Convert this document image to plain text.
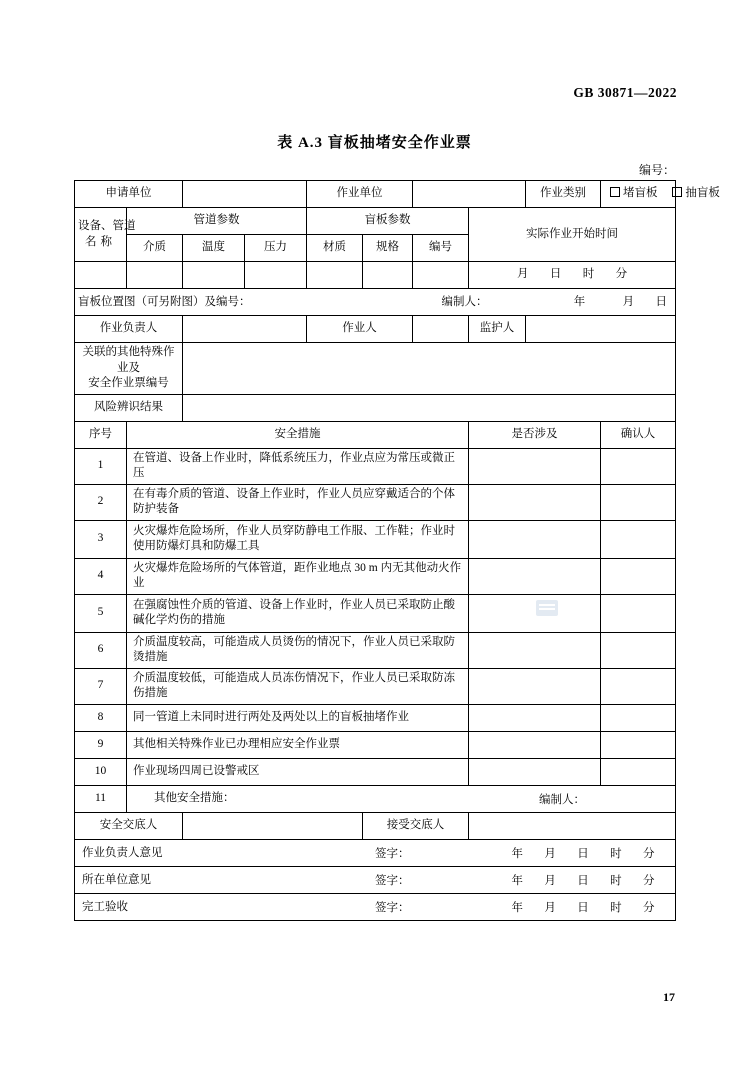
GB 30871—2022
表 A.3 盲板抽堵安全作业票
编号：
申请单位				作业单位				作业类别	堵盲板 抽盲板

设备、管道
名称	管道参数			盲板参数			实际作业开始时间		
	介质	温度	压力	材质	规格	编号			
							月 日 时 分		

盲板位置图（可另附图）及编号： 编制人： 年 月 日									

作业负责人				作业人			监护人		

关联的其他特殊作业及
安全作业票编号									

风险辨识结果									
序号	安全措施						是否涉及		确认人
1	在管道、设备上作业时，降低系统压力，作业点应为常压或微正压								
2	在有毒介质的管道、设备上作业时，作业人员应穿戴适合的个体防护装备								
3	火灾爆炸危险场所，作业人员穿防静电工作服、工作鞋；作业时使用防爆灯具和防爆工具								
4	火灾爆炸危险场所的气体管道，距作业地点 30 m 内无其他动火作业								
5	在强腐蚀性介质的管道、设备上作业时，作业人员已采取防止酸碱化学灼伤的措施								
6	介质温度较高，可能造成人员烫伤的情况下，作业人员已采取防烫措施								
7	介质温度较低，可能造成人员冻伤情况下，作业人员已采取防冻伤措施								
8	同一管道上未同时进行两处及两处以上的盲板抽堵作业								
9	其他相关特殊作业已办理相应安全作业票								
10	作业现场四周已设警戒区								
11	其他安全措施： 编制人：								

安全交底人					接受交底人				

作业负责人意见 签字： 年 月 日 时 分									

所在单位意见 签字： 年 月 日 时 分									

完工验收 签字： 年 月 日 时 分									
17
